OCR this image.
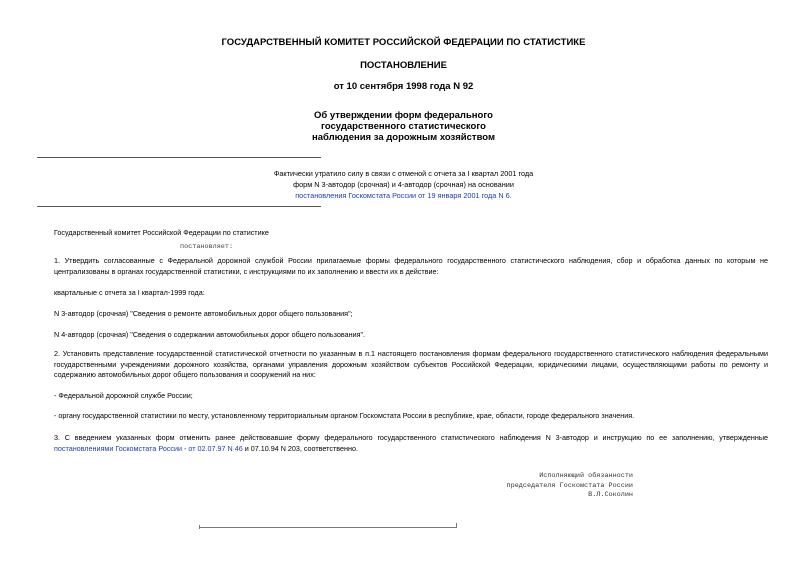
ГОСУДАРСТВЕННЫЙ КОМИТЕТ РОССИЙСКОЙ ФЕДЕРАЦИИ ПО СТАТИСТИКЕ
ПОСТАНОВЛЕНИЕ
от 10 сентября 1998 года N 92
Об утверждении форм федерального
государственного статистического
наблюдения за дорожным хозяйством
Фактически утратило силу в связи с отменой с отчета за I квартал 2001 года
форм N 3-автодор (срочная) и 4-автодор (срочная) на основании
постановления Госкомстата России от 19 января 2001 года N 6.
Государственный комитет Российской Федерации по статистике
постановляет:
1. Утвердить согласованные с Федеральной дорожной службой России прилагаемые формы федерального государственного статистического наблюдения, сбор и обработка данных по которым не централизованы в органах государственной статистики, с инструкциями по их заполнению и ввести их в действие:
квартальные с отчета за I квартал-1999 года:
N 3-автодор (срочная) "Сведения о ремонте автомобильных дорог общего пользования";
N 4-автодор (срочная) "Сведения о содержании автомобильных дорог общего пользования".
2. Установить представление государственной статистической отчетности по указанным в п.1 настоящего постановления формам федерального государственного статистического наблюдения федеральными государственными учреждениями дорожного хозяйства, органами управления дорожным хозяйством субъектов Российской Федерации, юридическими лицами, осуществляющими работы по ремонту и содержанию автомобильных дорог общего пользования и сооружений на них:
- Федеральной дорожной службе России;
- органу государственной статистики по месту, установленному территориальным органом Госкомстата России в республике, крае, области, городе федерального значения.
3. С введением указанных форм отменить ранее действовавшие форму федерального государственного статистического наблюдения N 3-автодор и инструкцию по ее заполнению, утвержденные постановлениями Госкомстата России - от 02.07.97 N 46 и 07.10.94 N 203, соответственно.
Исполняющий обязанности
председателя Госкомстата России
В.Л.Соколин
